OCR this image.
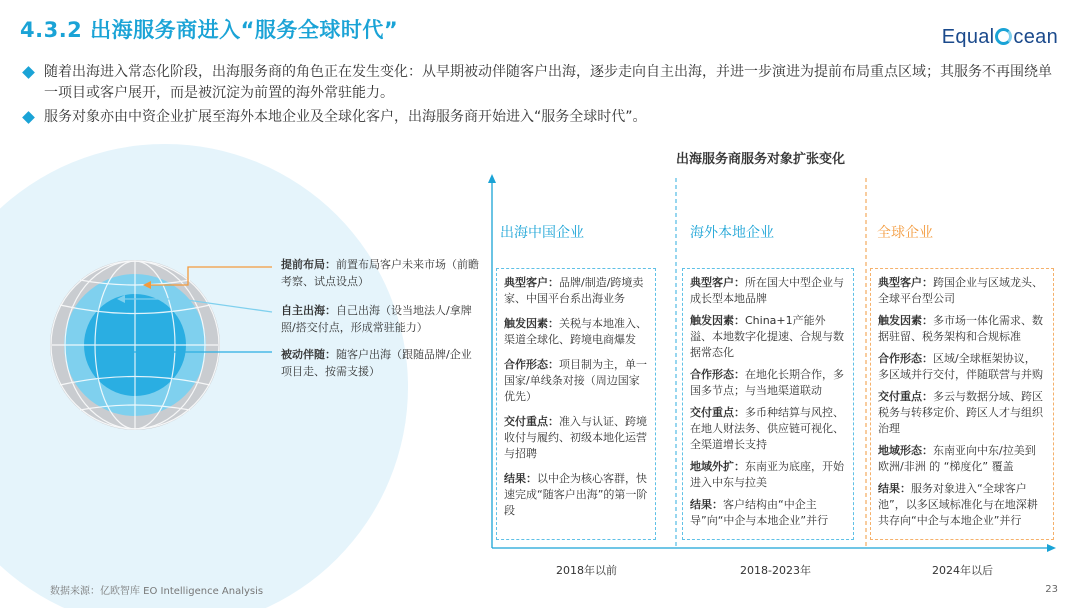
4.3.2 出海服务商进入“服务全球时代”	Equal cean
随着出海进入常态化阶段，出海服务商的角色正在发生变化：从早期被动伴随客户出海，逐步走向自主出海，并进一步演进为提前布局重点区域；其服务不再围绕单一项目或客户展开，而是被沉淀为前置的海外常驻能力。
服务对象亦由中资企业扩展至海外本地企业及全球化客户，出海服务商开始进入“服务全球时代”。
提前布局：前置布局客户未来市场（前瞻考察、试点设点）
自主出海：自己出海（设当地法人/拿牌照/搭交付点，形成常驻能力）
被动伴随：随客户出海（跟随品牌/企业项目走、按需支援）
出海服务商服务对象扩张变化
出海中国企业	海外本地企业	全球企业
典型客户：品牌/制造/跨境卖家、中国平台系出海业务
触发因素：关税与本地准入、渠道全球化、跨境电商爆发
合作形态：项目制为主，单一国家/单线条对接（周边国家优先）
交付重点：准入与认证、跨境收付与履约、初级本地化运营与招聘
结果：以中企为核心客群，快速完成“随客户出海”的第一阶段
典型客户：所在国大中型企业与成长型本地品牌
触发因素：China+1产能外溢、本地数字化提速、合规与数据常态化
合作形态：在地化长期合作，多国多节点；与当地渠道联动
交付重点：多币种结算与风控、在地人财法务、供应链可视化、全渠道增长支持
地域外扩：东南亚为底座，开始进入中东与拉美
结果：客户结构由“中企主导”向“中企与本地企业”并行
典型客户：跨国企业与区域龙头、全球平台型公司
触发因素：多市场一体化需求、数据驻留、税务架构和合规标准
合作形态：区域/全球框架协议，多区域并行交付，伴随联营与并购
交付重点：多云与数据分域、跨区税务与转移定价、跨区人才与组织治理
地域形态：东南亚向中东/拉美到欧洲/非洲 的 “梯度化” 覆盖
结果：服务对象进入“全球客户池”，以多区域标准化与在地深耕共存向“中企与本地企业”并行
2018年以前	2018-2023年	2024年以后
数据来源：亿欧智库 EO Intelligence Analysis	23
